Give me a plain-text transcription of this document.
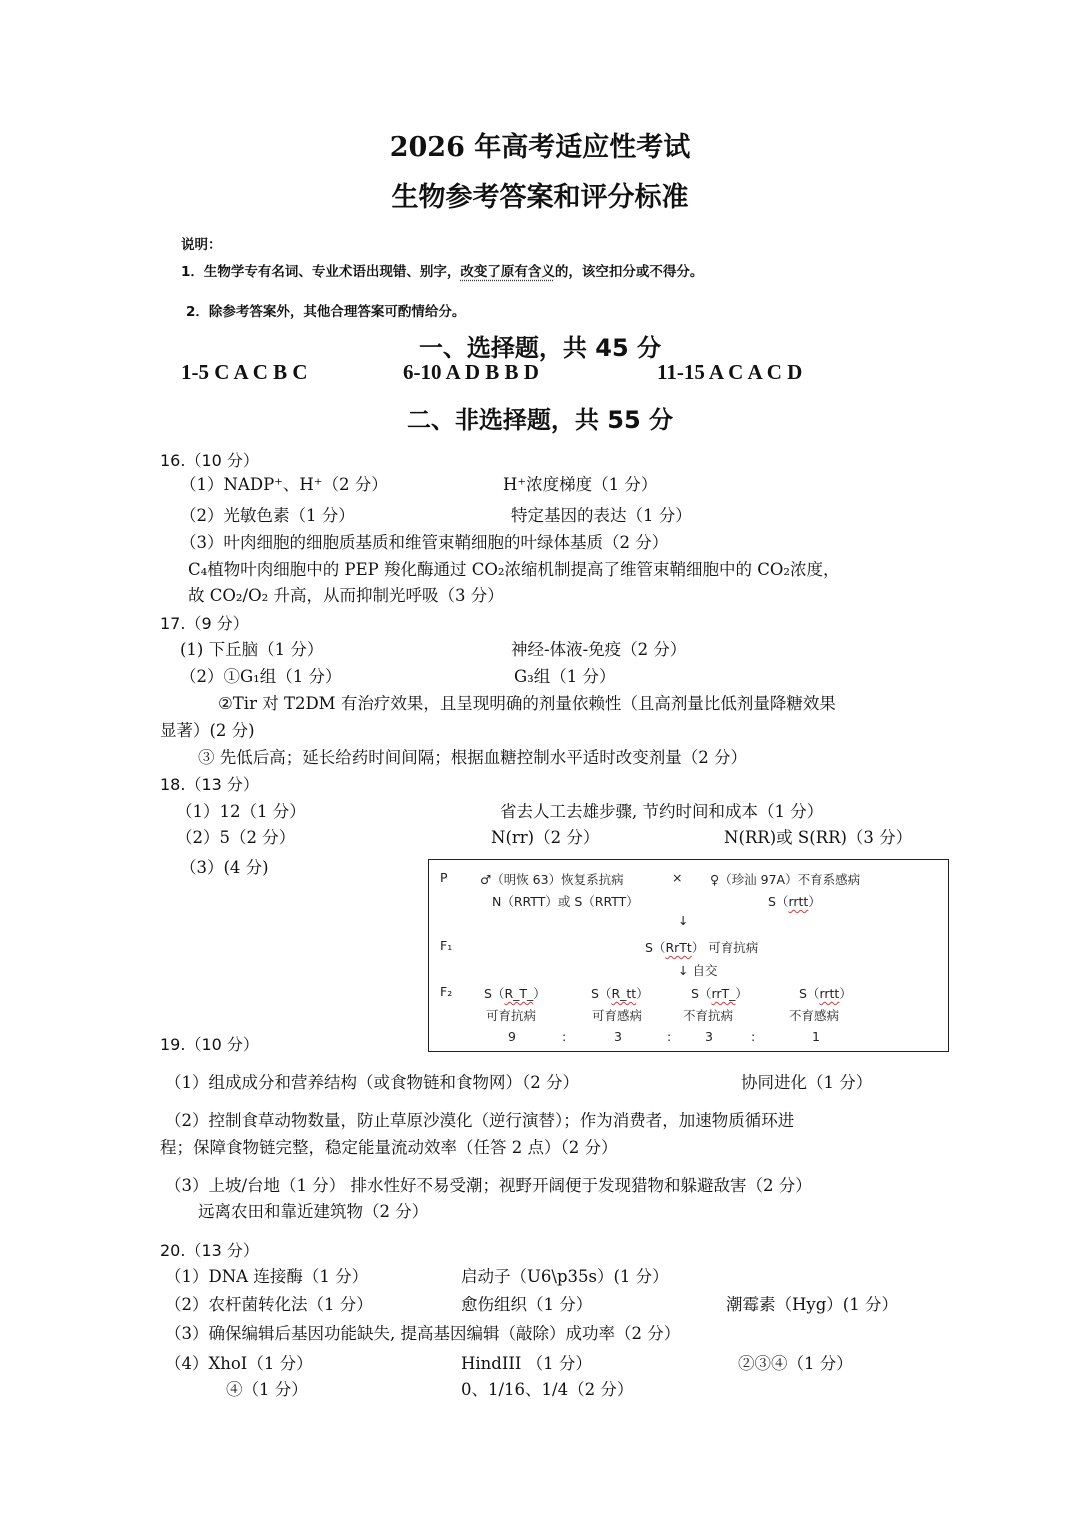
2026 年高考适应性考试
生物参考答案和评分标准
说明：
1．生物学专有名词、专业术语出现错、别字，改变了原有含义的，该空扣分或不得分。
2．除参考答案外，其他合理答案可酌情给分。
一、选择题，共 45 分
1-5 C A C B C	6-10 A D B B D	11-15 A C A C D
二、非选择题，共 55 分
16.（10 分）
（1）NADP⁺、H⁺（2 分）	H⁺浓度梯度（1 分）
（2）光敏色素（1 分）	特定基因的表达（1 分）
（3）叶肉细胞的细胞质基质和维管束鞘细胞的叶绿体基质（2 分）
C₄植物叶肉细胞中的 PEP 羧化酶通过 CO₂浓缩机制提高了维管束鞘细胞中的 CO₂浓度，
故 CO₂/O₂ 升高，从而抑制光呼吸（3 分）
17.（9 分）
(1) 下丘脑（1 分）	神经-体液-免疫（2 分）
（2）①G₁组（1 分）	G₃组（1 分）
②Tir 对 T2DM 有治疗效果，且呈现明确的剂量依赖性（且高剂量比低剂量降糖效果
显著）(2 分)
③ 先低后高；延长给药时间间隔；根据血糖控制水平适时改变剂量（2 分）
18.（13 分）
（1）12（1 分）	省去人工去雄步骤, 节约时间和成本（1 分）
（2）5（2 分）	N(rr)（2 分）	N(RR)或 S(RR)（3 分）
（3）(4 分)
P	♂（明恢 63）恢复系抗病	× ♀（珍汕 97A）不育系感病
N（RRTT）或 S（RRTT）	S（rrtt）
↓
F₁	S（RrTt） 可育抗病
↓ 自交
F₂	S（R_T_）	S（R_tt）	S（rrT_）	S（rrtt）
可育抗病	可育感病	不育抗病	不育感病
9	:	3	:	3	:	1
19.（10 分）
（1）组成成分和营养结构（或食物链和食物网）（2 分）	协同进化（1 分）
（2）控制食草动物数量，防止草原沙漠化（逆行演替）；作为消费者，加速物质循环进
程；保障食物链完整，稳定能量流动效率（任答 2 点）（2 分）
（3）上坡/台地（1 分） 排水性好不易受潮；视野开阔便于发现猎物和躲避敌害（2 分）
远离农田和靠近建筑物（2 分）
20.（13 分）
（1）DNA 连接酶（1 分）	启动子（U6\p35s）(1 分）
（2）农杆菌转化法（1 分）	愈伤组织（1 分）	潮霉素（Hyg）(1 分）
（3）确保编辑后基因功能缺失, 提高基因编辑（敲除）成功率（2 分）
（4）XhoI（1 分）	HindIII （1 分）	②③④（1 分）
④（1 分）	0、1/16、1/4（2 分）
